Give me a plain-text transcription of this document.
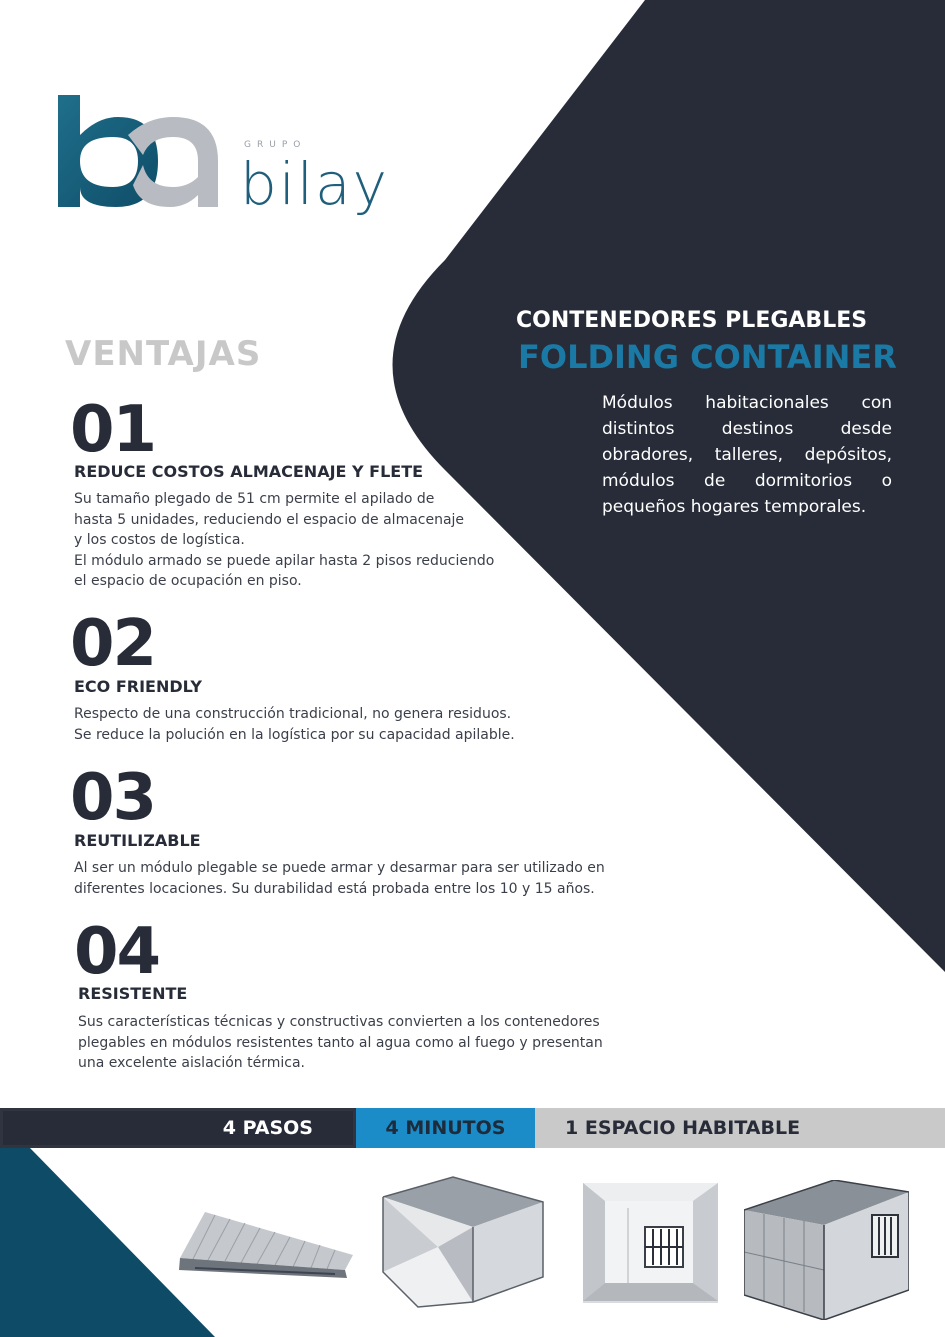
GRUPO
bilay
CONTENEDORES PLEGABLES
FOLDING CONTAINER
Módulos habitacionales con distintos destinos desde obradores, talleres, depósitos, módulos de dormitorios o pequeños hogares temporales.
VENTAJAS
01
REDUCE COSTOS ALMACENAJE Y FLETE
Su tamaño plegado de 51 cm permite el apilado de
hasta 5 unidades, reduciendo el espacio de almacenaje
y los costos de logística.
El módulo armado se puede apilar hasta 2 pisos reduciendo
el espacio de ocupación en piso.
02
ECO FRIENDLY
Respecto de una construcción tradicional, no genera residuos.
Se reduce la polución en la logística por su capacidad apilable.
03
REUTILIZABLE
Al ser un módulo plegable se puede armar y desarmar para ser utilizado en
diferentes locaciones. Su durabilidad está probada entre los 10 y 15 años.
04
RESISTENTE
Sus características técnicas y constructivas convierten a los contenedores
plegables en módulos resistentes tanto al agua como al fuego y presentan
una excelente aislación térmica.
4 PASOS	4 MINUTOS	1 ESPACIO HABITABLE
